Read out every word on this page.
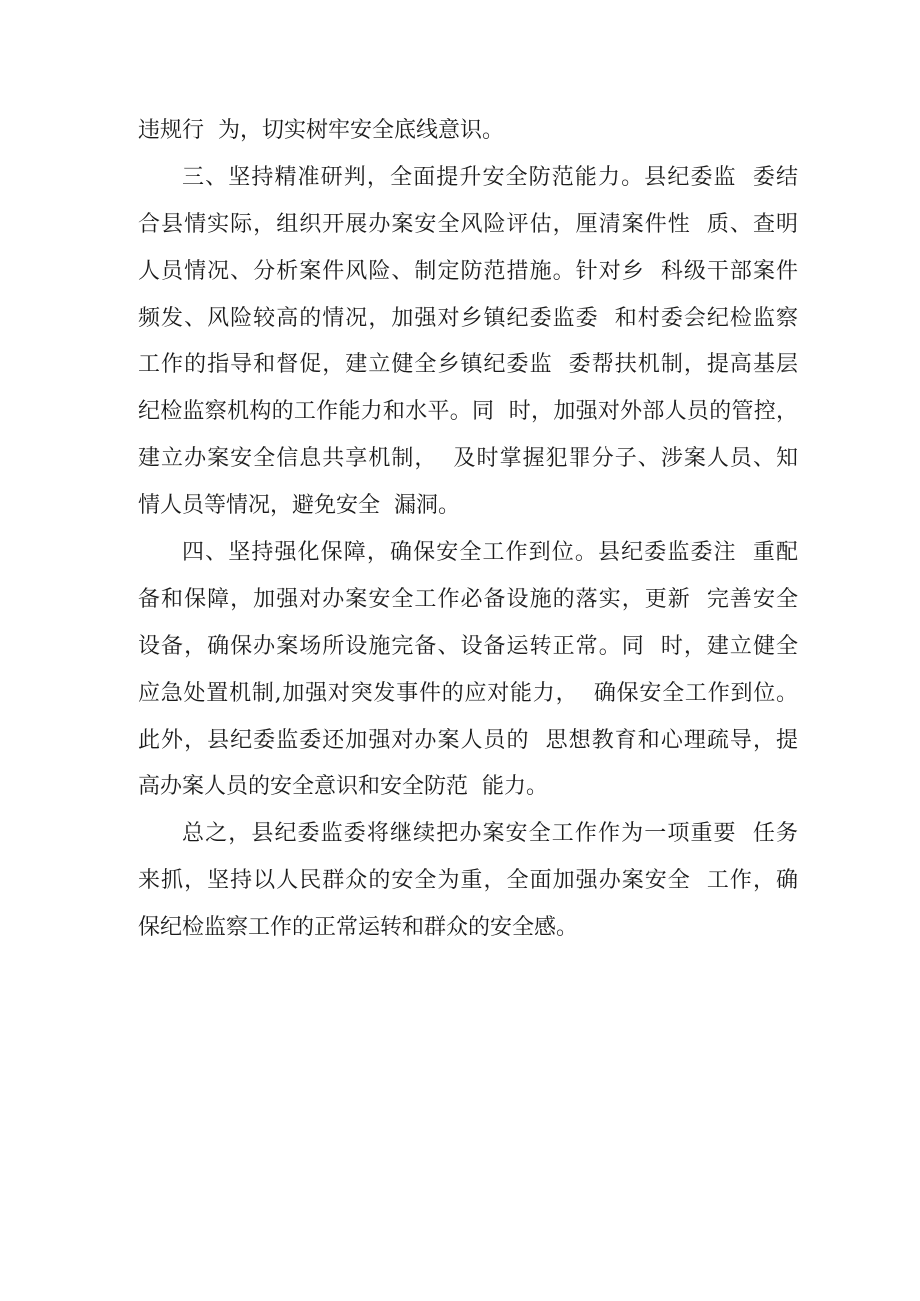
违规行  为，切实树牢安全底线意识。
三、坚持精准研判，全面提升安全防范能力。县纪委监  委结
合县情实际，组织开展办案安全风险评估，厘清案件性  质、查明
人员情况、分析案件风险、制定防范措施。针对乡  科级干部案件
频发、风险较高的情况，加强对乡镇纪委监委  和村委会纪检监察
工作的指导和督促，建立健全乡镇纪委监  委帮扶机制，提高基层
纪检监察机构的工作能力和水平。同  时，加强对外部人员的管控，
建立办案安全信息共享机制，  及时掌握犯罪分子、涉案人员、知
情人员等情况，避免安全  漏洞。
四、坚持强化保障，确保安全工作到位。县纪委监委注  重配
备和保障，加强对办案安全工作必备设施的落实，更新  完善安全
设备，确保办案场所设施完备、设备运转正常。同  时，建立健全
应急处置机制,加强对突发事件的应对能力，  确保安全工作到位。
此外，县纪委监委还加强对办案人员的  思想教育和心理疏导，提
高办案人员的安全意识和安全防范  能力。
总之，县纪委监委将继续把办案安全工作作为一项重要  任务
来抓，坚持以人民群众的安全为重，全面加强办案安全  工作，确
保纪检监察工作的正常运转和群众的安全感。
